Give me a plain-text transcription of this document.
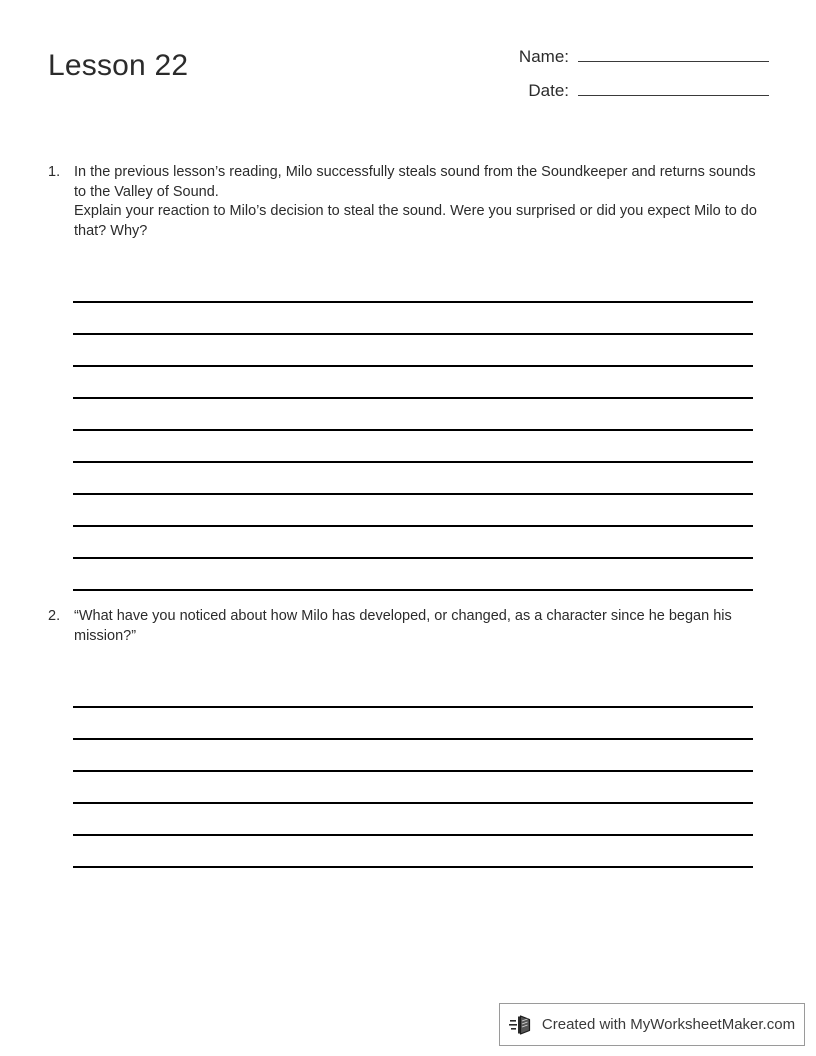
Lesson 22	Name:
Date:
1. In the previous lesson’s reading, Milo successfully steals sound from the Soundkeeper and returns sounds to the Valley of Sound.

Explain your reaction to Milo’s decision to steal the sound. Were you surprised or did you expect Milo to do that? Why?

2. “What have you noticed about how Milo has developed, or changed, as a character since he began his mission?”

Created with MyWorksheetMaker.com
